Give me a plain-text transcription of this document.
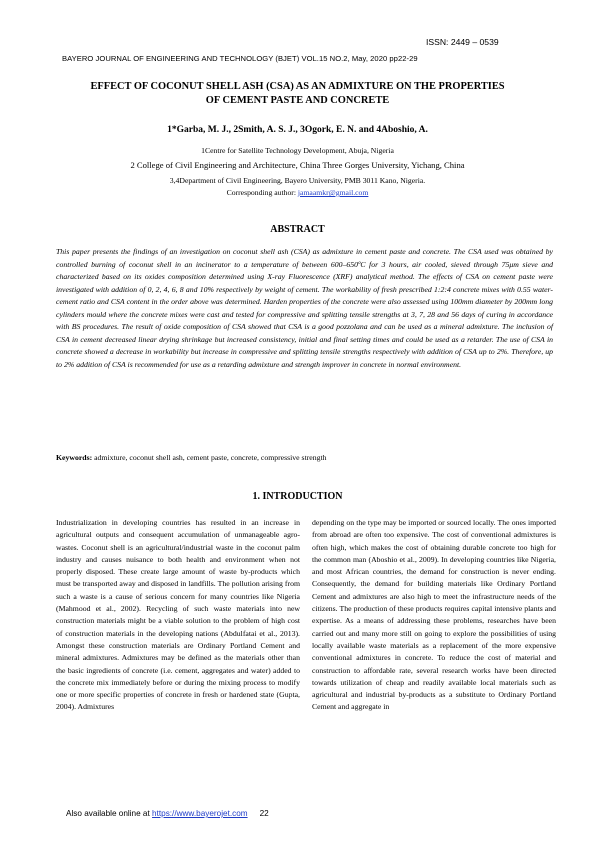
ISSN: 2449 – 0539
BAYERO JOURNAL OF ENGINEERING AND TECHNOLOGY (BJET) VOL.15 NO.2, May, 2020 pp22-29
EFFECT OF COCONUT SHELL ASH (CSA) AS AN ADMIXTURE ON THE PROPERTIES
OF CEMENT PASTE AND CONCRETE
1*Garba, M. J., 2Smith, A. S. J., 3Ogork, E. N. and 4Aboshio, A.
1Centre for Satellite Technology Development, Abuja, Nigeria
2 College of Civil Engineering and Architecture, China Three Gorges University, Yichang, China
3,4Department of Civil Engineering, Bayero University, PMB 3011 Kano, Nigeria.
Corresponding author: jamaamkr@gmail.com
ABSTRACT
This paper presents the findings of an investigation on coconut shell ash (CSA) as admixture in cement paste and concrete. The CSA used was obtained by controlled burning of coconut shell in an incinerator to a temperature of between 600–650ºC for 3 hours, air cooled, sieved through 75μm sieve and characterized based on its oxides composition determined using X-ray Fluorescence (XRF) analytical method. The effects of CSA on cement paste were investigated with addition of 0, 2, 4, 6, 8 and 10% respectively by weight of cement. The workability of fresh prescribed 1:2:4 concrete mixes with 0.55 water-cement ratio and CSA content in the order above was determined. Harden properties of the concrete were also assessed using 100mm diameter by 200mm long cylinders mould where the concrete mixes were cast and tested for compressive and splitting tensile strengths at 3, 7, 28 and 56 days of curing in accordance with BS procedures. The result of oxide composition of CSA showed that CSA is a good pozzolana and can be used as a mineral admixture. The inclusion of CSA in cement decreased linear drying shrinkage but increased consistency, initial and final setting times and could be used as a retarder. The use of CSA in concrete showed a decrease in workability but increase in compressive and splitting tensile strengths respectively with addition of CSA up to 2%. Therefore, up to 2% addition of CSA is recommended for use as a retarding admixture and strength improver in concrete in normal environment.
Keywords: admixture, coconut shell ash, cement paste, concrete, compressive strength
1. INTRODUCTION
Industrialization in developing countries has resulted in an increase in agricultural outputs and consequent accumulation of unmanageable agro-wastes. Coconut shell is an agricultural/industrial waste in the coconut palm industry and causes nuisance to both health and environment when not properly disposed. These create large amount of waste by-products which must be transported away and disposed in landfills. The pollution arising from such a waste is a cause of serious concern for many countries like Nigeria (Mahmood et al., 2002). Recycling of such waste materials into new construction materials might be a viable solution to the problem of high cost of construction materials in the developing nations (Abdulfatai et al., 2013). Amongst these construction materials are Ordinary Portland Cement and mineral admixtures. Admixtures may be defined as the materials other than the basic ingredients of concrete (i.e. cement, aggregates and water) added to the concrete mix immediately before or during the mixing process to modify one or more specific properties of concrete in fresh or hardened state (Gupta, 2004). Admixtures
depending on the type may be imported or sourced locally. The ones imported from abroad are often too expensive. The cost of conventional admixtures is often high, which makes the cost of obtaining durable concrete too high for the common man (Aboshio et al., 2009). In developing countries like Nigeria, and most African countries, the demand for construction is never ending. Consequently, the demand for building materials like Ordinary Portland Cement and admixtures are also high to meet the infrastructure needs of the citizens. The production of these products requires capital intensive plants and expertise. As a means of addressing these problems, researches have been carried out and many more still on going to explore the possibilities of using locally available waste materials as a replacement of the more expensive conventional admixtures in concrete. To reduce the cost of material and construction to affordable rate, several research works have been directed towards utilization of cheap and readily available local materials such as agricultural and industrial by-products as a substitute to Ordinary Portland Cement and aggregate in
Also available online at https://www.bayerojet.com 22
